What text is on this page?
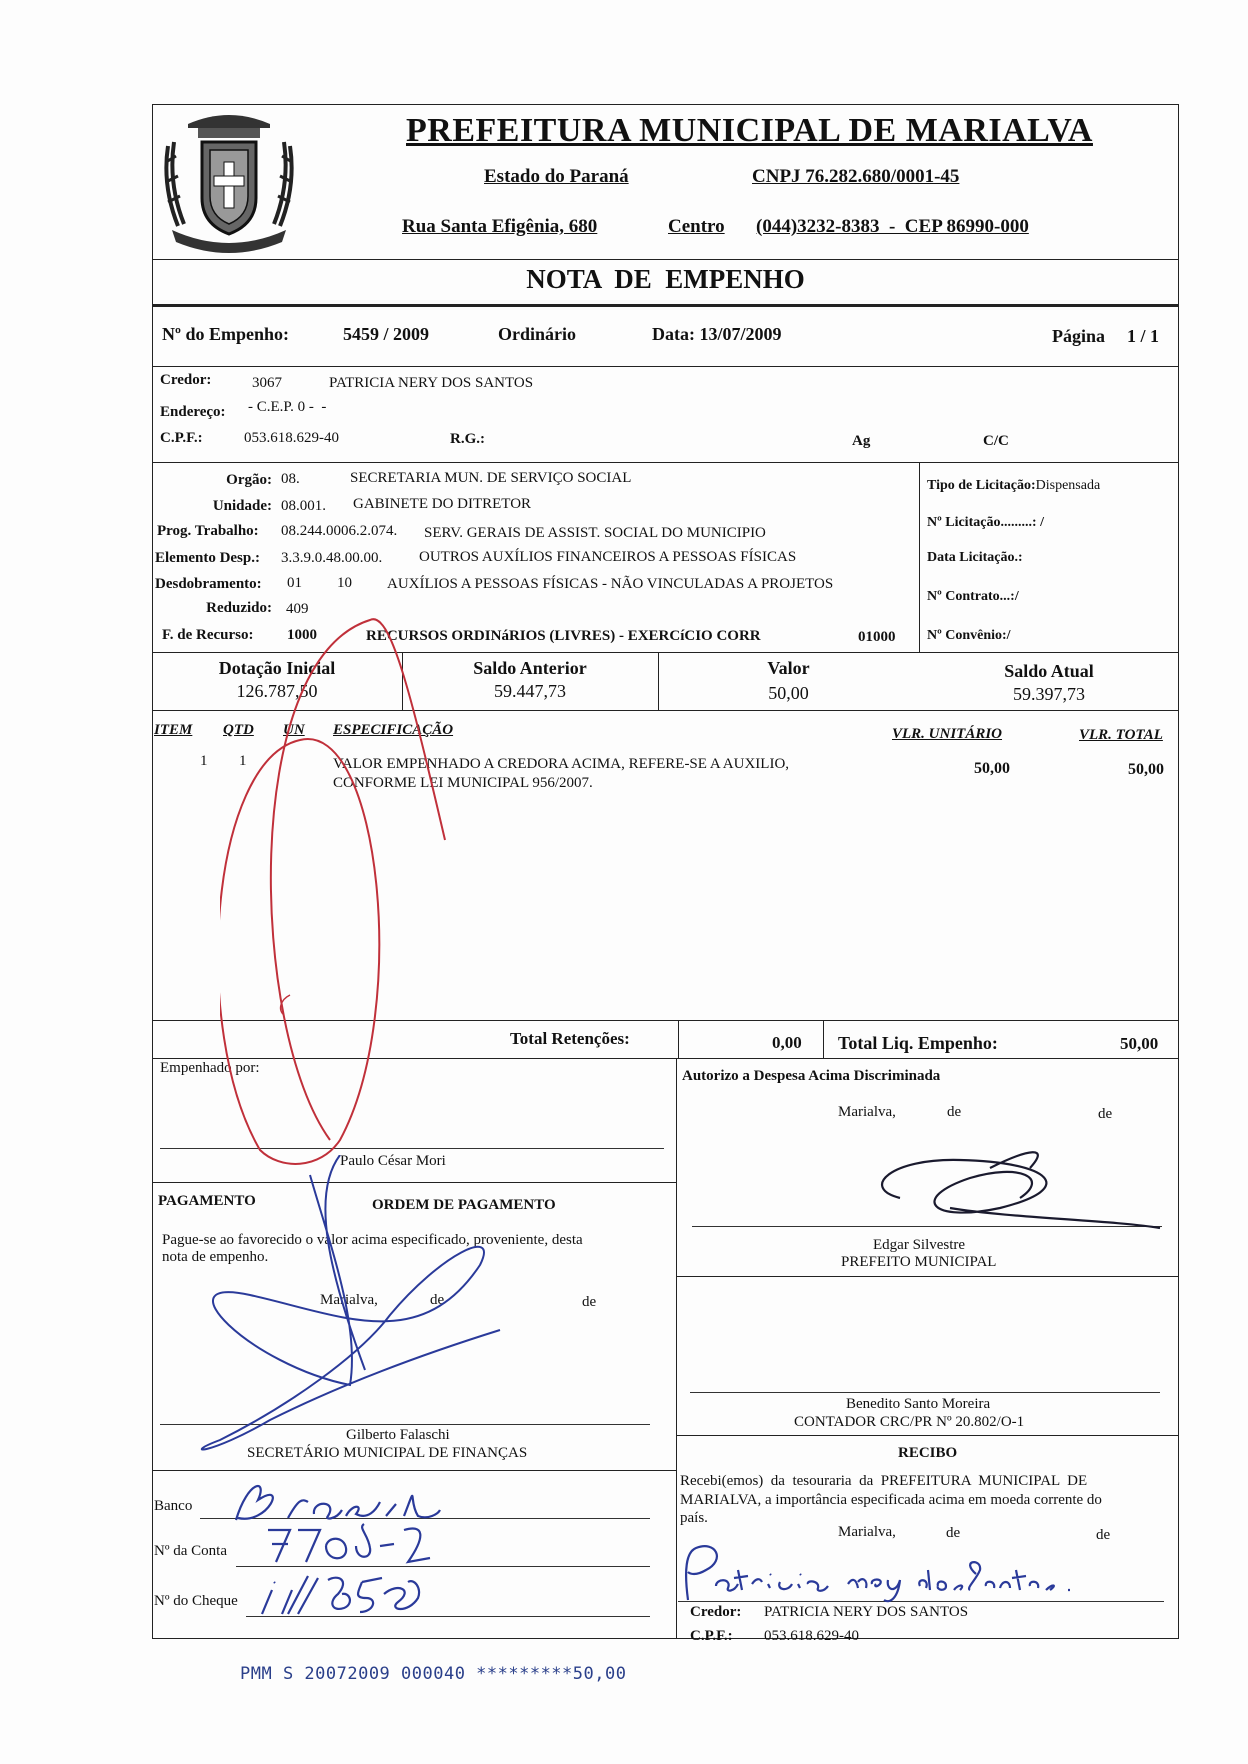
PREFEITURA MUNICIPAL DE MARIALVA
Estado do Paraná	CNPJ 76.282.680/0001-45
Rua Santa Efigênia, 680	Centro (044)3232-8383  -  CEP 86990-000
NOTA  DE  EMPENHO
Nº do Empenho:	5459 / 2009	Ordinário	Data: 13/07/2009	Página 1 / 1
Credor:	3067	PATRICIA NERY DOS SANTOS
Endereço: - C.E.P. 0 -  -
C.P.F.:	053.618.629-40	R.G.:	Ag	C/C
Orgão: 08.	SECRETARIA MUN. DE SERVIÇO SOCIAL
Unidade: 08.001. GABINETE DO DITRETOR
Prog. Trabalho: 08.244.0006.2.074. SERV. GERAIS DE ASSIST. SOCIAL DO MUNICIPIO
Elemento Desp.: 3.3.9.0.48.00.00. OUTROS AUXÍLIOS FINANCEIROS A PESSOAS FÍSICAS
Desdobramento: 01 10 AUXÍLIOS A PESSOAS FÍSICAS - NÃO VINCULADAS A PROJETOS
Reduzido: 409
F. de Recurso: 1000	RECURSOS ORDINáRIOS (LIVRES) - EXERCíCIO CORR	01000
Tipo de Licitação:Dispensada
Nº Licitação.........: /
Data Licitação.:
Nº Contrato...:/
Nº Convênio:/
Dotação Inicial
126.787,50
Saldo Anterior
59.447,73
Valor
50,00
Saldo Atual
59.397,73
ITEM QTD UN ESPECIFICAÇÃO	VLR. UNITÁRIO	VLR. TOTAL
1 1	VALOR EMPENHADO A CREDORA ACIMA, REFERE-SE A AUXILIO,
CONFORME LEI MUNICIPAL 956/2007.
50,00	50,00
Total Retenções:	0,00 Total Liq. Empenho:	50,00
Empenhado por:
Paulo César Mori
PAGAMENTO	ORDEM DE PAGAMENTO
Pague-se ao favorecido o valor acima especificado, proveniente, desta
nota de empenho.
Marialva,	de	de
Gilberto Falaschi
SECRETÁRIO MUNICIPAL DE FINANÇAS
Banco
Nº da Conta
Nº do Cheque
Autorizo a Despesa Acima Discriminada
Marialva,	de	de
Edgar Silvestre
PREFEITO MUNICIPAL
Benedito Santo Moreira
CONTADOR CRC/PR Nº 20.802/O-1
RECIBO
Recebi(emos)  da  tesouraria  da  PREFEITURA  MUNICIPAL  DE
MARIALVA, a importância especificada acima em moeda corrente do
país.
Marialva,	de	de
Credor: PATRICIA NERY DOS SANTOS
C.P.F.: 053.618.629-40
PMM S 20072009 000040 *********50,00
